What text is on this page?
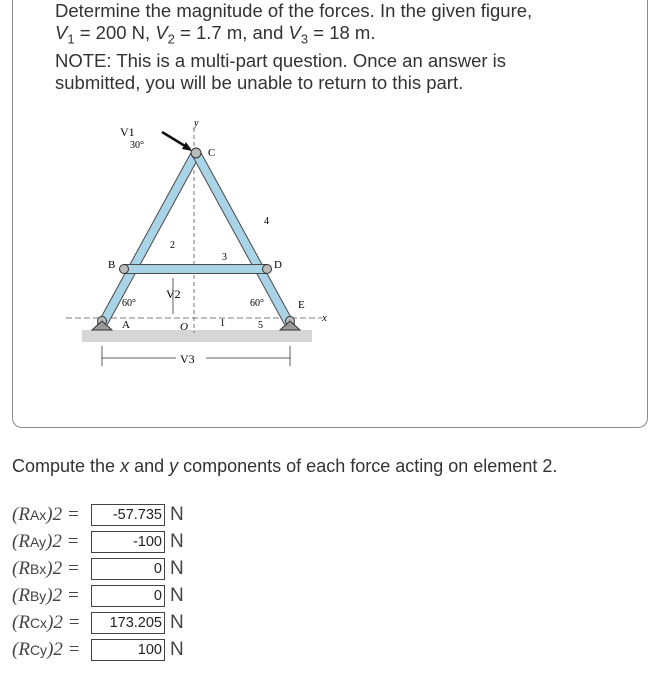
Determine the magnitude of the forces. In the given figure,

$V_1 = 200$ N, $V_2 = 1.7$ m, and $V_3 = 18$ m.

NOTE: This is a multi-part question. Once an answer is

submitted, you will be unable to return to this part.

V1
30°
y
x
C
B	D
A
E
O	1
2
3
4
5
V2
60°	60°
V3

Compute the x and y components of each force acting on element 2.

(RAx)2 =
-57.735	N
(RAy)2 =
-100	N
(RBx)2 =
0	N
(RBy)2 =
0	N
(RCx)2 =
173.205	N
(RCy)2 =
100	N
